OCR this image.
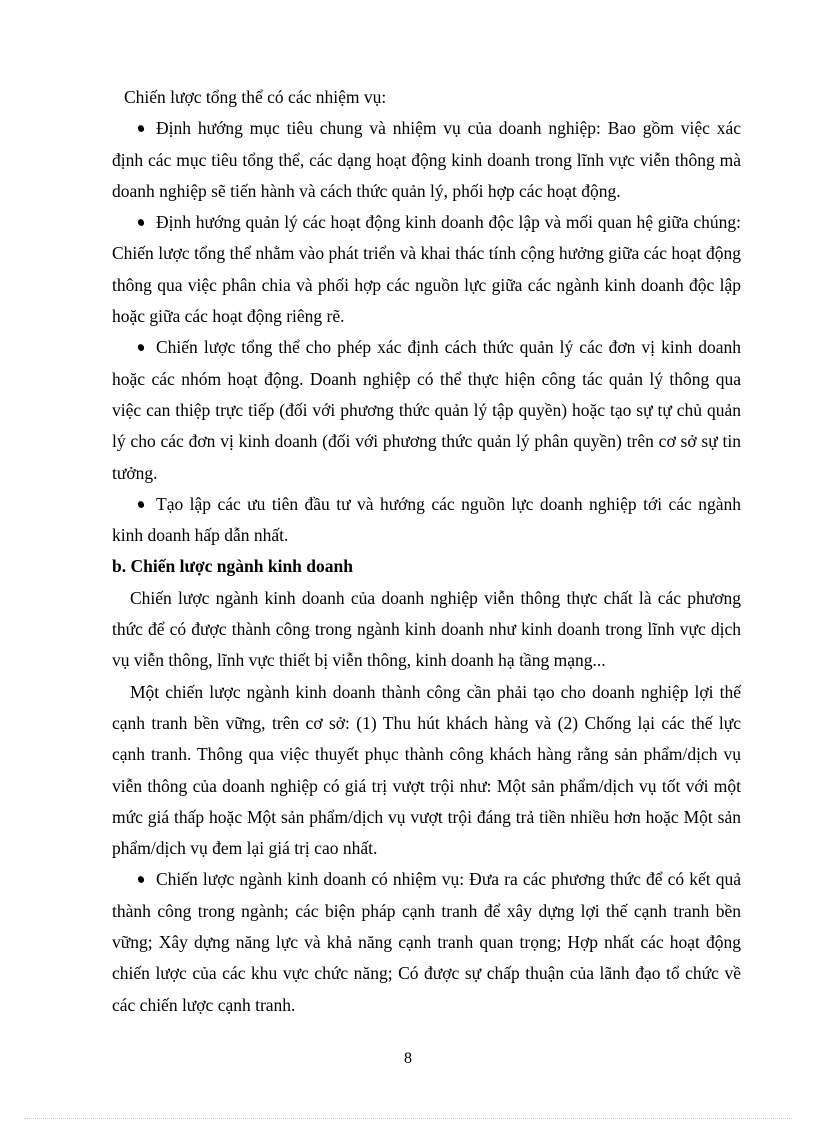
Chiến lược tổng thể có các nhiệm vụ:

Định hướng mục tiêu chung và nhiệm vụ của doanh nghiệp: Bao gồm việc xác định các mục tiêu tổng thể, các dạng hoạt động kinh doanh trong lĩnh vực viễn thông mà doanh nghiệp sẽ tiến hành và cách thức quản lý, phối hợp các hoạt động.

Định hướng quản lý các hoạt động kinh doanh độc lập và mối quan hệ giữa chúng: Chiến lược tổng thể nhằm vào phát triển và khai thác tính cộng hưởng giữa các hoạt động thông qua việc phân chia và phối hợp các nguồn lực giữa các ngành kinh doanh độc lập hoặc giữa các hoạt động riêng rẽ.

Chiến lược tổng thể cho phép xác định cách thức quản lý các đơn vị kinh doanh hoặc các nhóm hoạt động. Doanh nghiệp có thể thực hiện công tác quản lý thông qua việc can thiệp trực tiếp (đối với phương thức quản lý tập quyền) hoặc tạo sự tự chủ quản lý cho các đơn vị kinh doanh (đối với phương thức quản lý phân quyền) trên cơ sở sự tin tưởng.

Tạo lập các ưu tiên đầu tư và hướng các nguồn lực doanh nghiệp tới các ngành kinh doanh hấp dẫn nhất.

b. Chiến lược ngành kinh doanh

Chiến lược ngành kinh doanh của doanh nghiệp viễn thông thực chất là các phương thức để có được thành công trong ngành kinh doanh như kinh doanh trong lĩnh vực dịch vụ viễn thông, lĩnh vực thiết bị viễn thông, kinh doanh hạ tầng mạng...

Một chiến lược ngành kinh doanh thành công cần phải tạo cho doanh nghiệp lợi thế cạnh tranh bền vững, trên cơ sở: (1) Thu hút khách hàng và (2) Chống lại các thế lực cạnh tranh. Thông qua việc thuyết phục thành công khách hàng rằng sản phẩm/dịch vụ viễn thông của doanh nghiệp có giá trị vượt trội như: Một sản phẩm/dịch vụ tốt với một mức giá thấp hoặc Một sản phẩm/dịch vụ vượt trội đáng trả tiền nhiều hơn hoặc Một sản phẩm/dịch vụ đem lại giá trị cao nhất.

Chiến lược ngành kinh doanh có nhiệm vụ: Đưa ra các phương thức để có kết quả thành công trong ngành; các biện pháp cạnh tranh để xây dựng lợi thế cạnh tranh bền vững; Xây dựng năng lực và khả năng cạnh tranh quan trọng; Hợp nhất các hoạt động chiến lược của các khu vực chức năng; Có được sự chấp thuận của lãnh đạo tổ chức về các chiến lược cạnh tranh.

8
